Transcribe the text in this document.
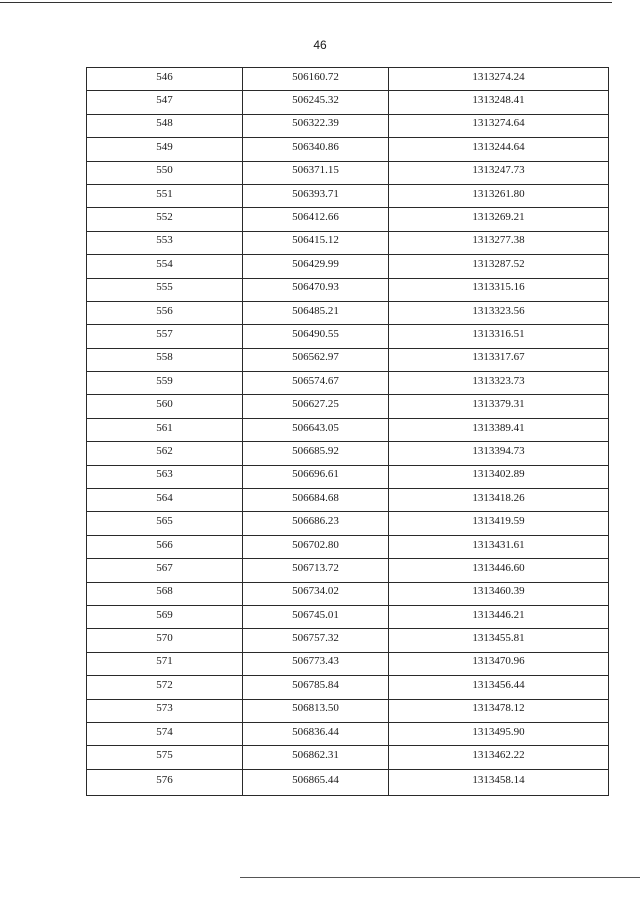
46
546	506160.72	1313274.24
547	506245.32	1313248.41
548	506322.39	1313274.64
549	506340.86	1313244.64
550	506371.15	1313247.73
551	506393.71	1313261.80
552	506412.66	1313269.21
553	506415.12	1313277.38
554	506429.99	1313287.52
555	506470.93	1313315.16
556	506485.21	1313323.56
557	506490.55	1313316.51
558	506562.97	1313317.67
559	506574.67	1313323.73
560	506627.25	1313379.31
561	506643.05	1313389.41
562	506685.92	1313394.73
563	506696.61	1313402.89
564	506684.68	1313418.26
565	506686.23	1313419.59
566	506702.80	1313431.61
567	506713.72	1313446.60
568	506734.02	1313460.39
569	506745.01	1313446.21
570	506757.32	1313455.81
571	506773.43	1313470.96
572	506785.84	1313456.44
573	506813.50	1313478.12
574	506836.44	1313495.90
575	506862.31	1313462.22
576	506865.44	1313458.14
